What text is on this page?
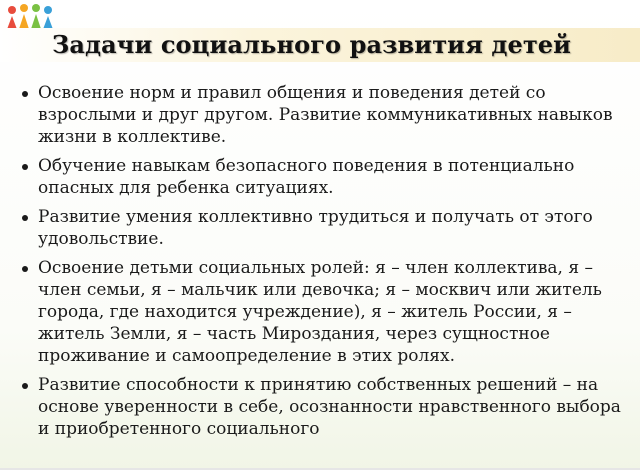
Задачи социального развития детей
Освоение норм и правил общения и поведения детей со взрослыми и друг другом. Развитие коммуникативных навыков жизни в коллективе.
Обучение навыкам безопасного поведения в потенциально опасных для ребенка ситуациях.
Развитие умения коллективно трудиться и получать от этого удовольствие.
Освоение детьми социальных ролей: я – член коллектива, я – член семьи, я – мальчик или девочка; я – москвич или житель города, где находится учреждение), я – житель России, я – житель Земли, я – часть Мироздания, через сущностное проживание и самоопределение в этих ролях.
Развитие способности к принятию собственных решений – на основе уверенности в себе, осознанности нравственного выбора и приобретенного социального
